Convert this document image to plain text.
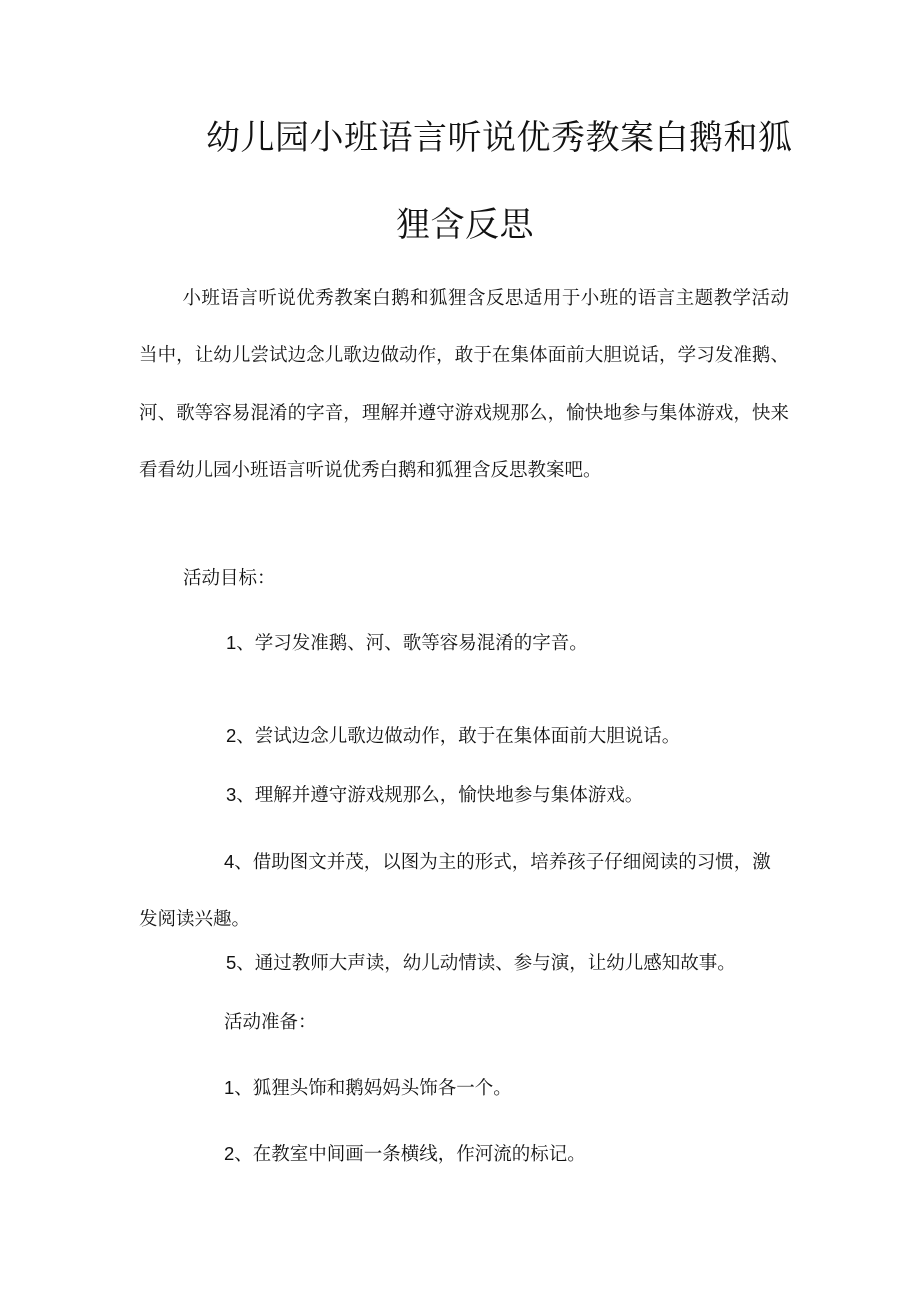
幼儿园小班语言听说优秀教案白鹅和狐
狸含反思
小班语言听说优秀教案白鹅和狐狸含反思适用于小班的语言主题教学活动当中，让幼儿尝试边念儿歌边做动作，敢于在集体面前大胆说话，学习发准鹅、河、歌等容易混淆的字音，理解并遵守游戏规那么，愉快地参与集体游戏，快来看看幼儿园小班语言听说优秀白鹅和狐狸含反思教案吧。
活动目标：
1、学习发准鹅、河、歌等容易混淆的字音。
2、尝试边念儿歌边做动作，敢于在集体面前大胆说话。
3、理解并遵守游戏规那么，愉快地参与集体游戏。
4、借助图文并茂，以图为主的形式，培养孩子仔细阅读的习惯，激发阅读兴趣。
5、通过教师大声读，幼儿动情读、参与演，让幼儿感知故事。
活动准备：
1、狐狸头饰和鹅妈妈头饰各一个。
2、在教室中间画一条横线，作河流的标记。
